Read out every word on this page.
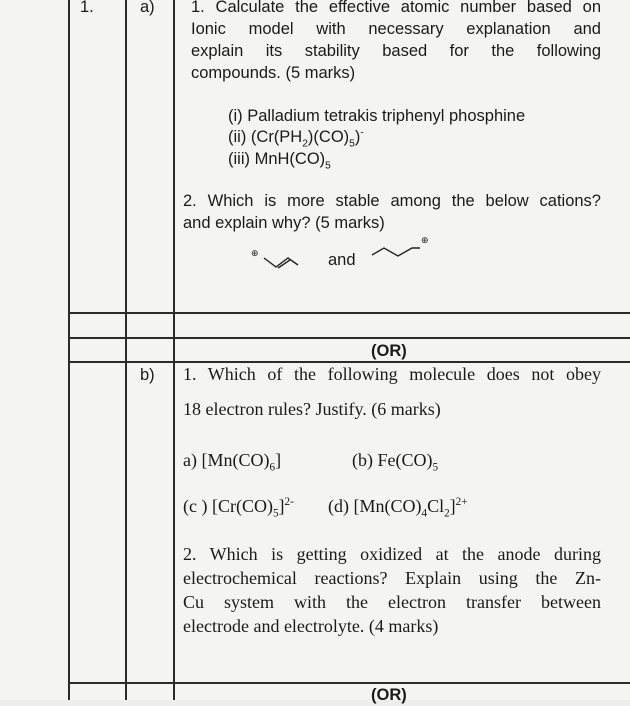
1.	a) 1. Calculate the effective atomic number based on
Ionic model with necessary explanation and
explain its stability based for the following
compounds. (5 marks)
(i) Palladium tetrakis triphenyl phosphine
(ii) $(Cr(PH_2)(CO)_5)^-$
(iii) $MnH(CO)_5$
2. Which is more stable among the below cations?
and explain why? (5 marks)
⊕	and
⊕
(OR)
b) 1. Which of the following molecule does not obey
18 electron rules? Justify. (6 marks)
a) $[Mn(CO)_6]$	(b) $Fe(CO)_5$
(c ) $[Cr(CO)_5]^{2-}$ (d) $[Mn(CO)_4Cl_2]^{2+}$
2. Which is getting oxidized at the anode during
electrochemical reactions? Explain using the Zn-
Cu system with the electron transfer between
electrode and electrolyte. (4 marks)
(OR)
